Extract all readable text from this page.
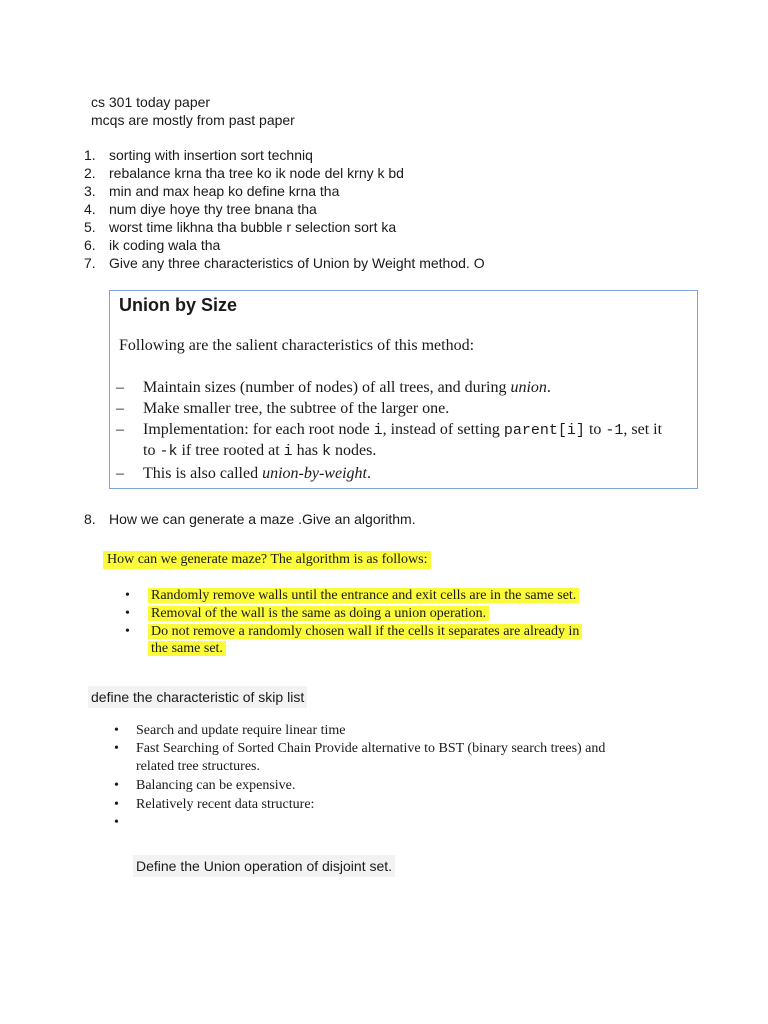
cs 301 today paper
mcqs are mostly from past paper
1. sorting with insertion sort techniq
2. rebalance krna tha tree ko ik node del krny k bd
3. min and max heap ko define krna tha
4. num diye hoye thy tree bnana tha
5. worst time likhna tha bubble r selection sort ka
6. ik coding wala tha
7. Give any three characteristics of Union by Weight method. O
Union by Size
Following are the salient characteristics of this method:
– Maintain sizes (number of nodes) of all trees, and during union.
– Make smaller tree, the subtree of the larger one.
– Implementation: for each root node i, instead of setting parent[i] to -1, set it
to -k if tree rooted at i has k nodes.
– This is also called union-by-weight.
8. How we can generate a maze .Give an algorithm.
How can we generate maze? The algorithm is as follows:
•	Randomly remove walls until the entrance and exit cells are in the same set.
•	Removal of the wall is the same as doing a union operation.
•	Do not remove a randomly chosen wall if the cells it separates are already in
the same set.
define the characteristic of skip list
•	Search and update require linear time
•	Fast Searching of Sorted Chain Provide alternative to BST (binary search trees) and
related tree structures.
•	Balancing can be expensive.
•	Relatively recent data structure:
•
Define the Union operation of disjoint set.
